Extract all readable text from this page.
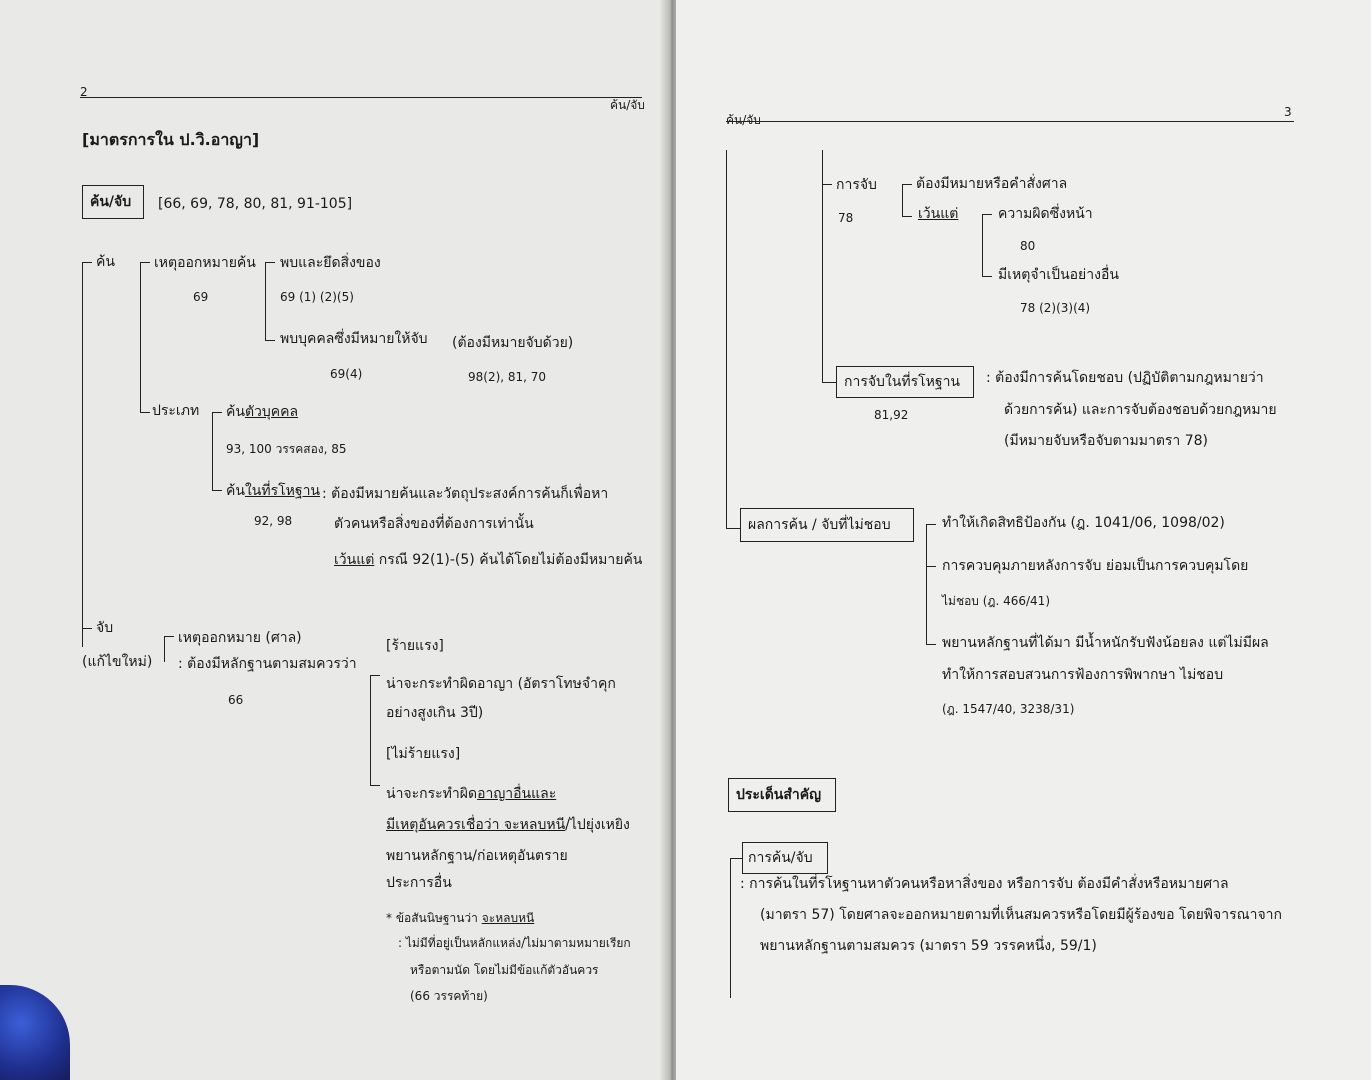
2
ค้น/จับ
[มาตรการใน ป.วิ.อาญา]
ค้น/จับ [66, 69, 78, 80, 81, 91-105]
ค้น	เหตุออกหมายค้น
69
พบและยึดสิ่งของ
69 (1) (2)(5)
พบบุคคลซึ่งมีหมายให้จับ (ต้องมีหมายจับด้วย)
69(4)	98(2), 81, 70
ประเภท ค้นตัวบุคคล
93, 100 วรรคสอง, 85
ค้นในที่รโหฐาน : ต้องมีหมายค้นและวัตถุประสงค์การค้นก็เพื่อหา
92, 98	ตัวคนหรือสิ่งของที่ต้องการเท่านั้น
เว้นแต่ กรณี 92(1)-(5) ค้นได้โดยไม่ต้องมีหมายค้น
จับ
(แก้ไขใหม่)
เหตุออกหมาย (ศาล)
: ต้องมีหลักฐานตามสมควรว่า
66
[ร้ายแรง]
น่าจะกระทำผิดอาญา (อัตราโทษจำคุก
อย่างสูงเกิน 3ปี)
[ไม่ร้ายแรง]
น่าจะกระทำผิดอาญาอื่นและ
มีเหตุอันควรเชื่อว่า จะหลบหนี/ไปยุ่งเหยิง
พยานหลักฐาน/ก่อเหตุอันตราย
ประการอื่น
* ข้อสันนิษฐานว่า จะหลบหนี
: ไม่มีที่อยู่เป็นหลักแหล่ง/ไม่มาตามหมายเรียก
หรือตามนัด โดยไม่มีข้อแก้ตัวอันควร
(66 วรรคท้าย)
ค้น/จับ
3
การจับ
78
ต้องมีหมายหรือคำสั่งศาล
เว้นแต่	ความผิดซึ่งหน้า
80
มีเหตุจำเป็นอย่างอื่น
78 (2)(3)(4)
การจับในที่รโหฐาน
81,92
: ต้องมีการค้นโดยชอบ (ปฏิบัติตามกฎหมายว่า
ด้วยการค้น) และการจับต้องชอบด้วยกฎหมาย
(มีหมายจับหรือจับตามมาตรา 78)
ผลการค้น / จับที่ไม่ชอบ	ทำให้เกิดสิทธิป้องกัน (ฎ. 1041/06, 1098/02)
การควบคุมภายหลังการจับ ย่อมเป็นการควบคุมโดย
ไม่ชอบ (ฎ. 466/41)
พยานหลักฐานที่ได้มา มีน้ำหนักรับฟังน้อยลง แต่ไม่มีผล
ทำให้การสอบสวนการฟ้องการพิพากษา ไม่ชอบ
(ฎ. 1547/40, 3238/31)
ประเด็นสำคัญ
การค้น/จับ
: การค้นในที่รโหฐานหาตัวคนหรือหาสิ่งของ หรือการจับ ต้องมีคำสั่งหรือหมายศาล
(มาตรา 57) โดยศาลจะออกหมายตามที่เห็นสมควรหรือโดยมีผู้ร้องขอ โดยพิจารณาจาก
พยานหลักฐานตามสมควร (มาตรา 59 วรรคหนึ่ง, 59/1)
